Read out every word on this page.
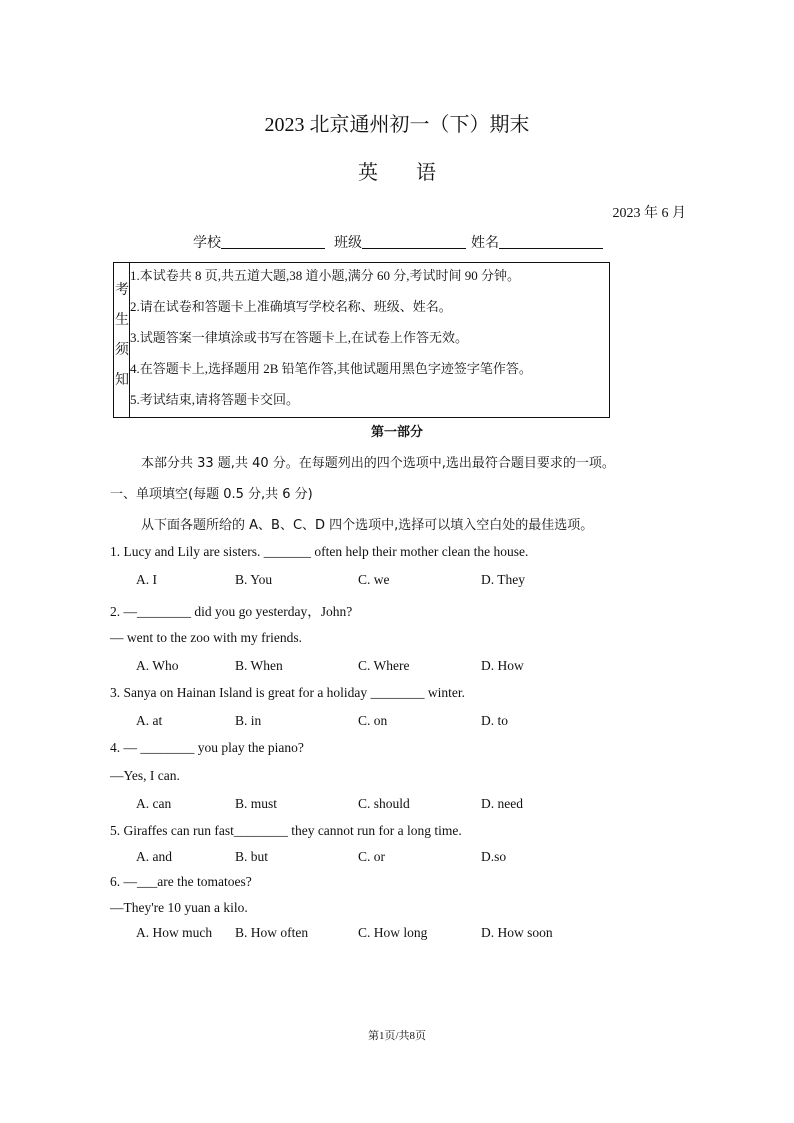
2023 北京通州初一（下）期末
英语
2023 年 6 月
学校	班级	姓名
考
生
须
知
1.本试卷共 8 页,共五道大题,38 道小题,满分 60 分,考试时间 90 分钟。
2.请在试卷和答题卡上准确填写学校名称、班级、姓名。
3.试题答案一律填涂或书写在答题卡上,在试卷上作答无效。
4.在答题卡上,选择题用 2B 铅笔作答,其他试题用黑色字迹签字笔作答。
5.考试结束,请将答题卡交回。
第一部分
本部分共 33 题,共 40 分。在每题列出的四个选项中,选出最符合题目要求的一项。
一、单项填空(每题 0.5 分,共 6 分)
从下面各题所给的 A、B、C、D 四个选项中,选择可以填入空白处的最佳选项。
1. Lucy and Lily are sisters. _______ often help their mother clean the house.
A. I	B. You	C. we	D. They
2. —________ did you go yesterday，John?
— went to the zoo with my friends.
A. Who	B. When	C. Where	D. How
3. Sanya on Hainan Island is great for a holiday ________ winter.
A. at	B. in	C. on	D. to
4. — ________ you play the piano?
—Yes, I can.
A. can	B. must	C. should	D. need
5. Giraffes can run fast________ they cannot run for a long time.
A. and	B. but	C. or	D.so
6. —___are the tomatoes?
—They're 10 yuan a kilo.
A. How much B. How often	C. How long	D. How soon
第1页/共8页
